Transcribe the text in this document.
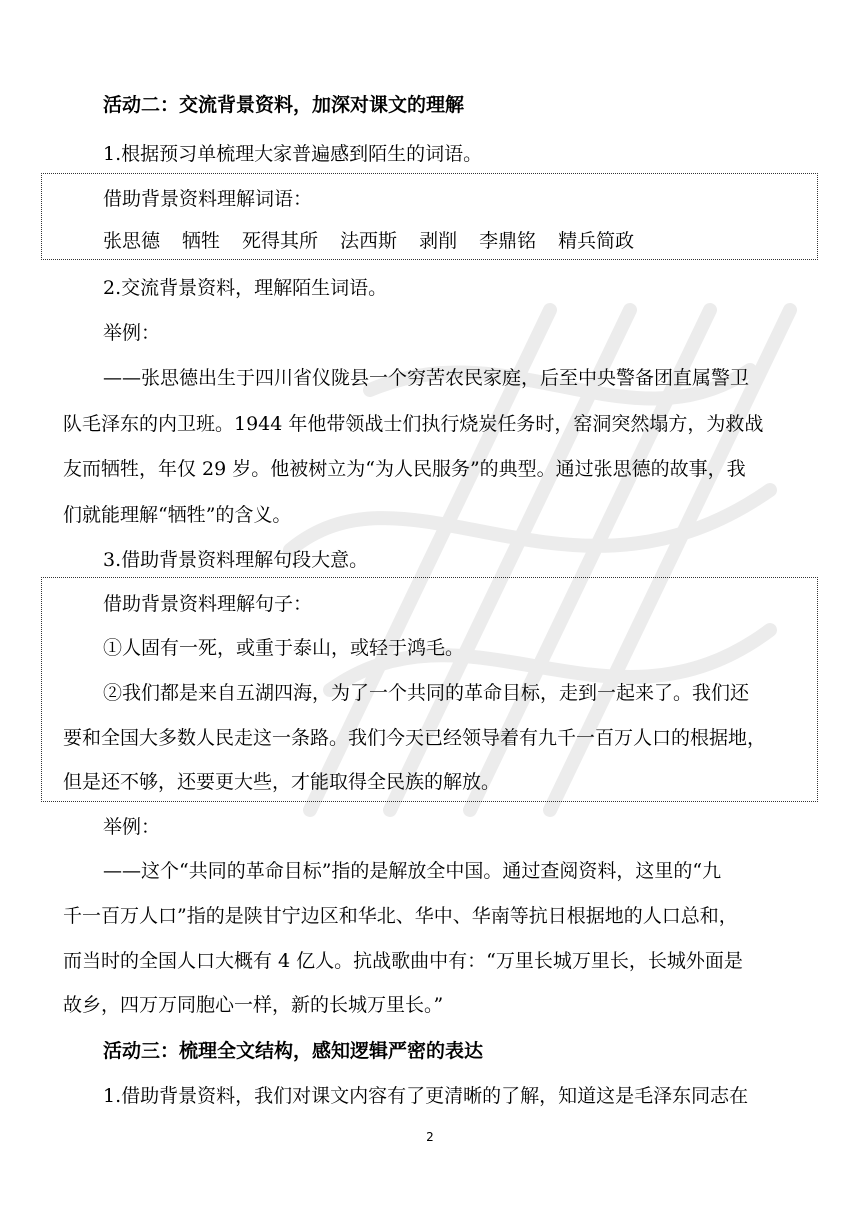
活动二：交流背景资料，加深对课文的理解
1.根据预习单梳理大家普遍感到陌生的词语。
借助背景资料理解词语：
张思德 牺牲 死得其所 法西斯 剥削 李鼎铭 精兵简政
2.交流背景资料，理解陌生词语。
举例：
——张思德出生于四川省仪陇县一个穷苦农民家庭，后至中央警备团直属警卫
队毛泽东的内卫班。1944 年他带领战士们执行烧炭任务时，窑洞突然塌方，为救战
友而牺牲，年仅 29 岁。他被树立为“为人民服务”的典型。通过张思德的故事，我
们就能理解“牺牲”的含义。
3.借助背景资料理解句段大意。
借助背景资料理解句子：
①人固有一死，或重于泰山，或轻于鸿毛。
②我们都是来自五湖四海，为了一个共同的革命目标，走到一起来了。我们还
要和全国大多数人民走这一条路。我们今天已经领导着有九千一百万人口的根据地，
但是还不够，还要更大些，才能取得全民族的解放。
举例：
——这个“共同的革命目标”指的是解放全中国。通过查阅资料，这里的“九
千一百万人口”指的是陕甘宁边区和华北、华中、华南等抗日根据地的人口总和，
而当时的全国人口大概有 4 亿人。抗战歌曲中有：“万里长城万里长，长城外面是
故乡，四万万同胞心一样，新的长城万里长。”
活动三：梳理全文结构，感知逻辑严密的表达
1.借助背景资料，我们对课文内容有了更清晰的了解，知道这是毛泽东同志在
2
